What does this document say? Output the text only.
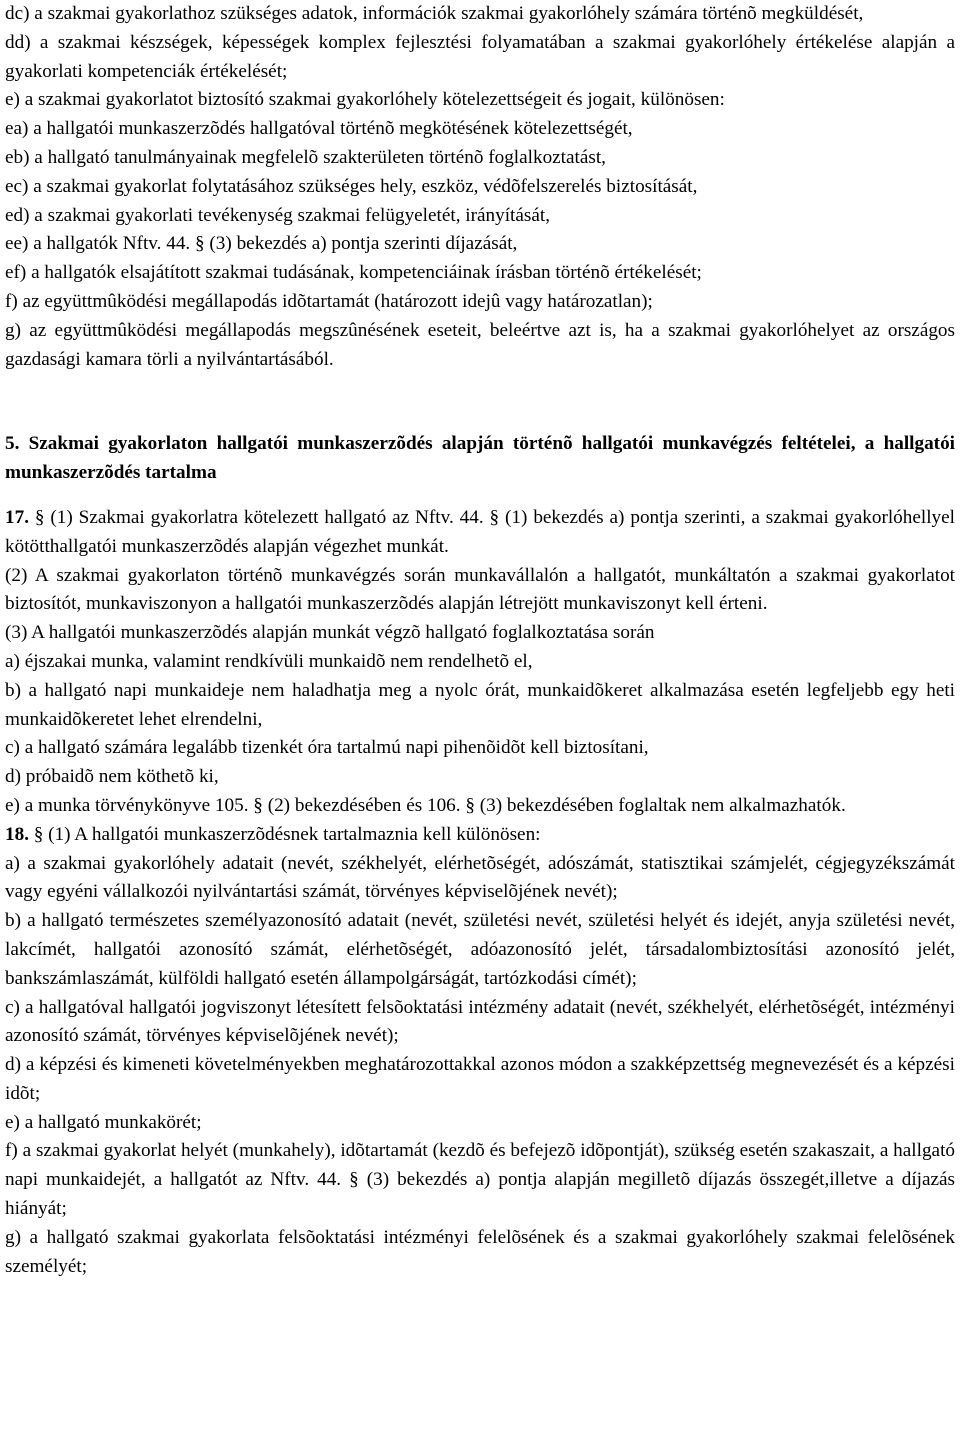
dc) a szakmai gyakorlathoz szükséges adatok, információk szakmai gyakorlóhely számára történõ megküldését,

dd) a szakmai készségek, képességek komplex fejlesztési folyamatában a szakmai gyakorlóhely értékelése alapján a gyakorlati kompetenciák értékelését;

e) a szakmai gyakorlatot biztosító szakmai gyakorlóhely kötelezettségeit és jogait, különösen:

ea) a hallgatói munkaszerzõdés hallgatóval történõ megkötésének kötelezettségét,

eb) a hallgató tanulmányainak megfelelõ szakterületen történõ foglalkoztatást,

ec) a szakmai gyakorlat folytatásához szükséges hely, eszköz, védõfelszerelés biztosítását,

ed) a szakmai gyakorlati tevékenység szakmai felügyeletét, irányítását,

ee) a hallgatók Nftv. 44. § (3) bekezdés a) pontja szerinti díjazását,

ef) a hallgatók elsajátított szakmai tudásának, kompetenciáinak írásban történõ értékelését;

f) az együttmûködési megállapodás idõtartamát (határozott idejû vagy határozatlan);

g) az együttmûködési megállapodás megszûnésének eseteit, beleértve azt is, ha a szakmai gyakorlóhelyet az országos gazdasági kamara törli a nyilvántartásából.

5. Szakmai gyakorlaton hallgatói munkaszerzõdés alapján történõ hallgatói munkavégzés feltételei, a hallgatói munkaszerzõdés tartalma

17. § (1) Szakmai gyakorlatra kötelezett hallgató az Nftv. 44. § (1) bekezdés a) pontja szerinti, a szakmai gyakorlóhellyel kötötthallgatói munkaszerzõdés alapján végezhet munkát.

(2) A szakmai gyakorlaton történõ munkavégzés során munkavállalón a hallgatót, munkáltatón a szakmai gyakorlatot biztosítót, munkaviszonyon a hallgatói munkaszerzõdés alapján létrejött munkaviszonyt kell érteni.

(3) A hallgatói munkaszerzõdés alapján munkát végzõ hallgató foglalkoztatása során

a) éjszakai munka, valamint rendkívüli munkaidõ nem rendelhetõ el,

b) a hallgató napi munkaideje nem haladhatja meg a nyolc órát, munkaidõkeret alkalmazása esetén legfeljebb egy heti munkaidõkeretet lehet elrendelni,

c) a hallgató számára legalább tizenkét óra tartalmú napi pihenõidõt kell biztosítani,

d) próbaidõ nem köthetõ ki,

e) a munka törvénykönyve 105. § (2) bekezdésében és 106. § (3) bekezdésében foglaltak nem alkalmazhatók.

18. § (1) A hallgatói munkaszerzõdésnek tartalmaznia kell különösen:

a) a szakmai gyakorlóhely adatait (nevét, székhelyét, elérhetõségét, adószámát, statisztikai számjelét, cégjegyzékszámát vagy egyéni vállalkozói nyilvántartási számát, törvényes képviselõjének nevét);

b) a hallgató természetes személyazonosító adatait (nevét, születési nevét, születési helyét és idejét, anyja születési nevét, lakcímét, hallgatói azonosító számát, elérhetõségét, adóazonosító jelét, társadalombiztosítási azonosító jelét, bankszámlaszámát, külföldi hallgató esetén állampolgárságát, tartózkodási címét);

c) a hallgatóval hallgatói jogviszonyt létesített felsõoktatási intézmény adatait (nevét, székhelyét, elérhetõségét, intézményi azonosító számát, törvényes képviselõjének nevét);

d) a képzési és kimeneti követelményekben meghatározottakkal azonos módon a szakképzettség megnevezését és a képzési idõt;

e) a hallgató munkakörét;

f) a szakmai gyakorlat helyét (munkahely), idõtartamát (kezdõ és befejezõ idõpontját), szükség esetén szakaszait, a hallgató napi munkaidejét, a hallgatót az Nftv. 44. § (3) bekezdés a) pontja alapján megilletõ díjazás összegét,illetve a díjazás hiányát;

g) a hallgató szakmai gyakorlata felsõoktatási intézményi felelõsének és a szakmai gyakorlóhely szakmai felelõsének személyét;
